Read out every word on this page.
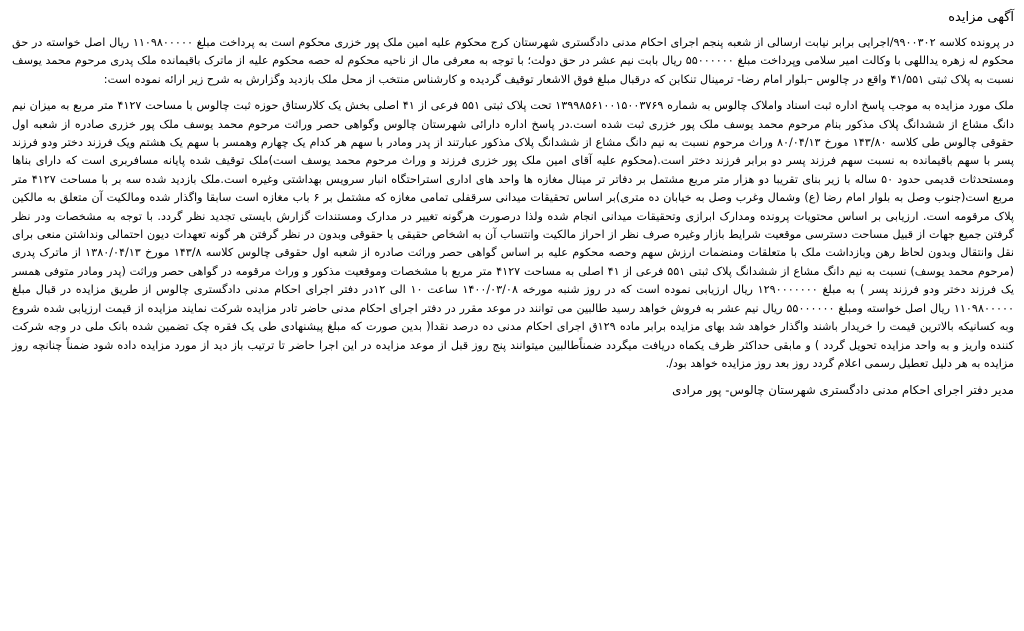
آگهی مزایده

در پرونده کلاسه ۹۹۰۰۳۰۲/اجرایی برابر نیابت ارسالی از شعبه پنجم اجرای احکام مدنی دادگستری شهرستان کرج محکوم علیه امین ملک پور خزری محکوم است به پرداخت مبلغ ۱۱۰۹۸۰۰۰۰۰ ریال اصل خواسته در حق محکوم له زهره یداللهی با وکالت امیر سلامی وپرداخت مبلغ ۵۵۰۰۰۰۰۰ ریال بابت نیم عشر در حق دولت؛ با توجه به معرفی مال از ناحیه محکوم له حصه محکوم علیه از ماترک باقیمانده ملک پدری مرحوم محمد یوسف نسبت به پلاک ثبتی ۴۱/۵۵۱ واقع در چالوس –بلوار امام رضا- ترمینال تنکابن که درقبال مبلغ فوق الاشعار توقیف گردیده و کارشناس منتخب از محل ملک بازدید وگزارش به شرح زیر ارائه نموده است:

ملک مورد مزایده به موجب پاسخ اداره ثبت اسناد واملاک چالوس به شماره ۱۳۹۹۸۵۶۱۰۰۱۵۰۰۳۷۶۹ تحت پلاک ثبتی ۵۵۱ فرعی از ۴۱ اصلی بخش یک کلارستاق حوزه ثبت چالوس با مساحت ۴۱۲۷ متر مربع به میزان نیم دانگ مشاع از ششدانگ پلاک مذکور بنام مرحوم محمد یوسف ملک پور خزری ثبت شده است.در پاسخ اداره دارائی شهرستان چالوس وگواهی حصر وراثت مرحوم محمد یوسف ملک پور خزری صادره از شعبه اول حقوقی چالوس طی کلاسه ۱۴۳/۸۰ مورخ ۸۰/۰۴/۱۳ وراث مرحوم نسبت به نیم دانگ مشاع از ششدانگ پلاک مذکور عبارتند از پدر ومادر با سهم هر کدام یک چهارم وهمسر با سهم یک هشتم ویک فرزند دختر ودو فرزند پسر با سهم باقیمانده به نسبت سهم فرزند پسر دو برابر فرزند دختر است.(محکوم علیه آقای امین ملک پور خزری فرزند و وراث مرحوم محمد یوسف است)ملک توقیف شده پایانه مسافربری است که دارای بناها ومستحدثات قدیمی حدود ۵۰ ساله با زیر بنای تقریبا دو هزار متر مربع مشتمل بر دفاتر تر مینال مغازه ها واحد های اداری استراحتگاه انبار سرویس بهداشتی وغیره است.ملک بازدید شده سه بر با مساحت ۴۱۲۷ متر مربع است(جنوب وصل به بلوار امام رضا (ع) وشمال وغرب وصل به خیابان ده متری)بر اساس تحقیقات میدانی سرقفلی تمامی مغازه که مشتمل بر ۶ باب مغازه است سابقا واگذار شده ومالکیت آن متعلق به مالکین پلاک مرقومه است. ارزیابی بر اساس محتویات پرونده ومدارک ابرازی وتحقیقات میدانی انجام شده ولذا درصورت هرگونه تغییر در مدارک ومستندات گزارش بایستی تجدید نظر گردد. با توجه به مشخصات ودر نظر گرفتن جمیع جهات از قبیل مساحت دسترسی موقعیت شرایط بازار وغیره صرف نظر از احراز مالکیت وانتساب آن به اشخاص حقیقی یا حقوقی وبدون در نظر گرفتن هر گونه تعهدات دیون احتمالی ونداشتن منعی برای نقل وانتقال وبدون لحاظ رهن وبازداشت ملک با متعلقات ومنضمات ارزش سهم وحصه محکوم علیه بر اساس گواهی حصر وراثت صادره از شعبه اول حقوقی چالوس کلاسه ۱۴۳/۸ مورخ ۱۳۸۰/۰۴/۱۳ از ماترک پدری (مرحوم محمد یوسف) نسبت به نیم دانگ مشاع از ششدانگ پلاک ثبتی ۵۵۱ فرعی از ۴۱ اصلی به مساحت ۴۱۲۷ متر مربع با مشخصات وموقعیت مذکور و وراث مرقومه در گواهی حصر وراثت (پدر ومادر متوفی همسر یک فرزند دختر ودو فرزند پسر ) به مبلغ ۱۲۹۰۰۰۰۰۰۰ ریال ارزیابی نموده است که در روز شنبه مورخه ۱۴۰۰/۰۳/۰۸ ساعت ۱۰ الی ۱۲در دفتر اجرای احکام مدنی دادگستری چالوس از طریق مزایده در قبال مبلغ ۱۱۰۹۸۰۰۰۰۰ ریال اصل خواسته ومبلغ ۵۵۰۰۰۰۰۰ ریال نیم عشر به فروش خواهد رسید طالبین می توانند در موعد مقرر در دفتر اجرای احکام مدنی حاضر تادر مزایده شرکت نمایند مزایده از قیمت ارزیابی شده شروع وبه کسانیکه بالاترین قیمت را خریدار باشند واگذار خواهد شد بهای مزایده برابر ماده ۱۲۹ق اجرای احکام مدنی ده درصد نقدا( بدین صورت که مبلغ پیشنهادی طی یک فقره چک تضمین شده بانک ملی در وجه شرکت کننده واریز و به واحد مزایده تحویل گردد ) و مابقی حداکثر ظرف یکماه دریافت میگردد ضمناًطالبین میتوانند پنج روز قبل از موعد مزایده در این اجرا حاضر تا ترتیب باز دید از مورد مزایده داده شود ضمناً چنانچه روز مزایده به هر دلیل تعطیل رسمی اعلام گردد روز بعد روز مزایده خواهد بود/.

مدیر دفتر اجرای احکام مدنی دادگستری شهرستان چالوس- پور مرادی
